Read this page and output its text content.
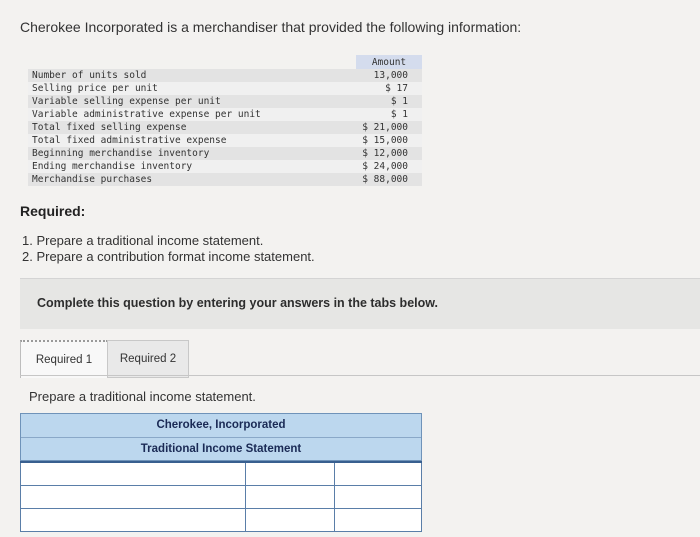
Cherokee Incorporated is a merchandiser that provided the following information:
	Amount
Number of units sold	13,000
Selling price per unit	$ 17
Variable selling expense per unit	$ 1
Variable administrative expense per unit	$ 1
Total fixed selling expense	$ 21,000
Total fixed administrative expense	$ 15,000
Beginning merchandise inventory	$ 12,000
Ending merchandise inventory	$ 24,000
Merchandise purchases	$ 88,000
Required:
1. Prepare a traditional income statement.
2. Prepare a contribution format income statement.
Complete this question by entering your answers in the tabs below.
Required 1	Required 2
Prepare a traditional income statement.
Cherokee, Incorporated
Traditional Income Statement
